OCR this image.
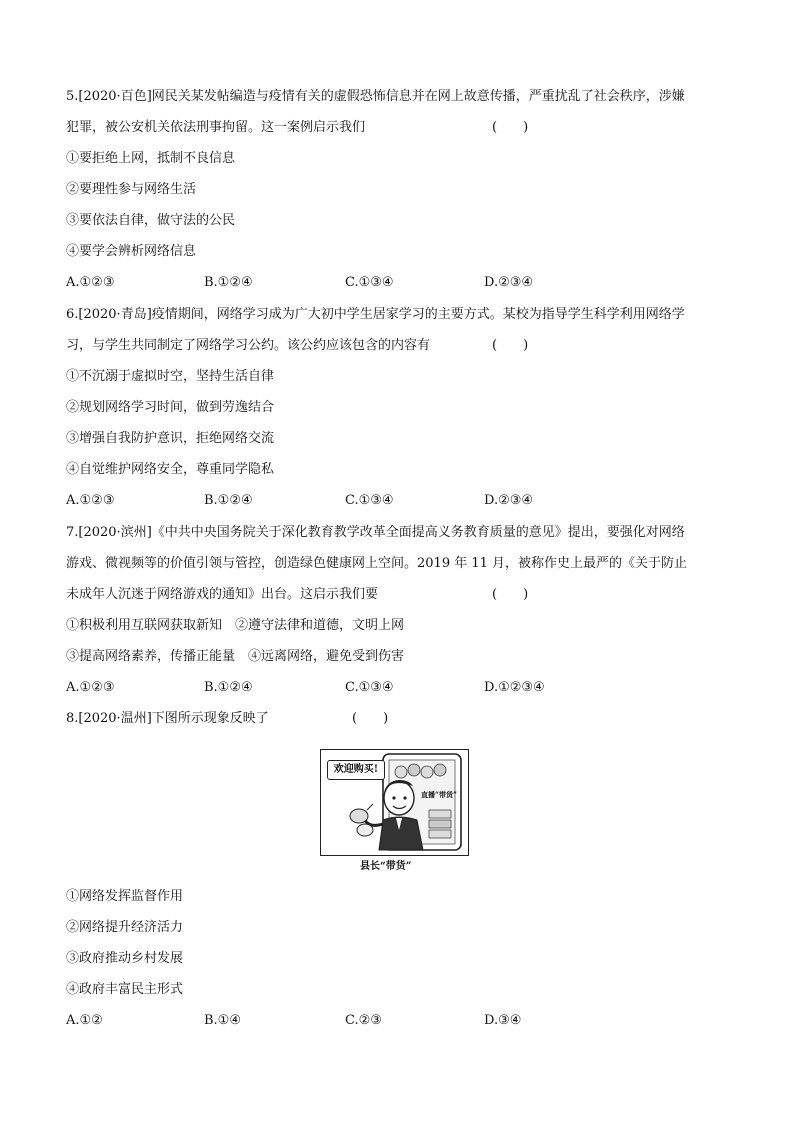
5.[2020·百色]网民关某发帖编造与疫情有关的虚假恐怖信息并在网上故意传播，严重扰乱了社会秩序，涉嫌
犯罪，被公安机关依法刑事拘留。这一案例启示我们	(　　)
①要拒绝上网，抵制不良信息
②要理性参与网络生活
③要依法自律，做守法的公民
④要学会辨析网络信息
A.①②③	B.①②④	C.①③④	D.②③④
6.[2020·青岛]疫情期间，网络学习成为广大初中学生居家学习的主要方式。某校为指导学生科学利用网络学
习，与学生共同制定了网络学习公约。该公约应该包含的内容有	(　　)
①不沉溺于虚拟时空，坚持生活自律
②规划网络学习时间，做到劳逸结合
③增强自我防护意识，拒绝网络交流
④自觉维护网络安全，尊重同学隐私
A.①②③	B.①②④	C.①③④	D.②③④
7.[2020·滨州]《中共中央国务院关于深化教育教学改革全面提高义务教育质量的意见》提出，要强化对网络
游戏、微视频等的价值引领与管控，创造绿色健康网上空间。2019 年 11 月，被称作史上最严的《关于防止
未成年人沉迷于网络游戏的通知》出台。这启示我们要	(　　)
①积极利用互联网获取新知　②遵守法律和道德，文明上网
③提高网络素养，传播正能量　④远离网络，避免受到伤害
A.①②③	B.①②④	C.①③④	D.①②③④
8.[2020·温州]下图所示现象反映了	(　　)
欢迎购买!
直播“带货”
县长“带货”
①网络发挥监督作用
②网络提升经济活力
③政府推动乡村发展
④政府丰富民主形式
A.①②	B.①④	C.②③	D.③④
